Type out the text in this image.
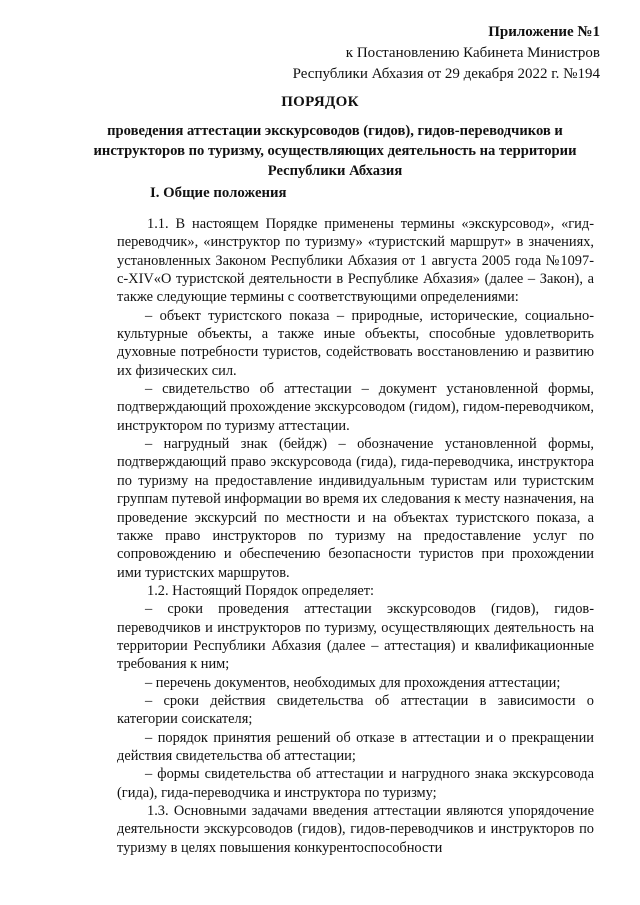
Приложение №1
к Постановлению Кабинета Министров
Республики Абхазия от 29 декабря 2022 г. №194
ПОРЯДОК
проведения аттестации экскурсоводов (гидов), гидов-переводчиков и инструкторов по туризму, осуществляющих деятельность на территории Республики Абхазия
I. Общие положения

1.1. В настоящем Порядке применены термины «экскурсовод», «гид-переводчик», «инструктор по туризму» «туристский маршрут» в значениях, установленных Законом Республики Абхазия от 1 августа 2005 года №1097-с-XIV«О туристской деятельности в Республике Абхазия» (далее – Закон), а также следующие термины с соответствующими определениями:

– объект туристского показа – природные, исторические, социально-культурные объекты, а также иные объекты, способные удовлетворить духовные потребности туристов, содействовать восстановлению и развитию их физических сил.

– свидетельство об аттестации – документ установленной формы, подтверждающий прохождение экскурсоводом (гидом), гидом-переводчиком, инструктором по туризму аттестации.

– нагрудный знак (бейдж) – обозначение установленной формы, подтверждающий право экскурсовода (гида), гида-переводчика, инструктора по туризму на предоставление индивидуальным туристам или туристским группам путевой информации во время их следования к месту назначения, на проведение экскурсий по местности и на объектах туристского показа, а также право инструкторов по туризму на предоставление услуг по сопровождению и обеспечению безопасности туристов при прохождении ими туристских маршрутов.

1.2. Настоящий Порядок определяет:

– сроки проведения аттестации экскурсоводов (гидов), гидов-переводчиков и инструкторов по туризму, осуществляющих деятельность на территории Республики Абхазия (далее – аттестация) и квалификационные требования к ним;

– перечень документов, необходимых для прохождения аттестации;

– сроки действия свидетельства об аттестации в зависимости о категории соискателя;

– порядок принятия решений об отказе в аттестации и о прекращении действия свидетельства об аттестации;

– формы свидетельства об аттестации и нагрудного знака экскурсовода (гида), гида-переводчика и инструктора по туризму;

1.3. Основными задачами введения аттестации являются упорядочение деятельности экскурсоводов (гидов), гидов-переводчиков и инструкторов по туризму в целях повышения конкурентоспособности
